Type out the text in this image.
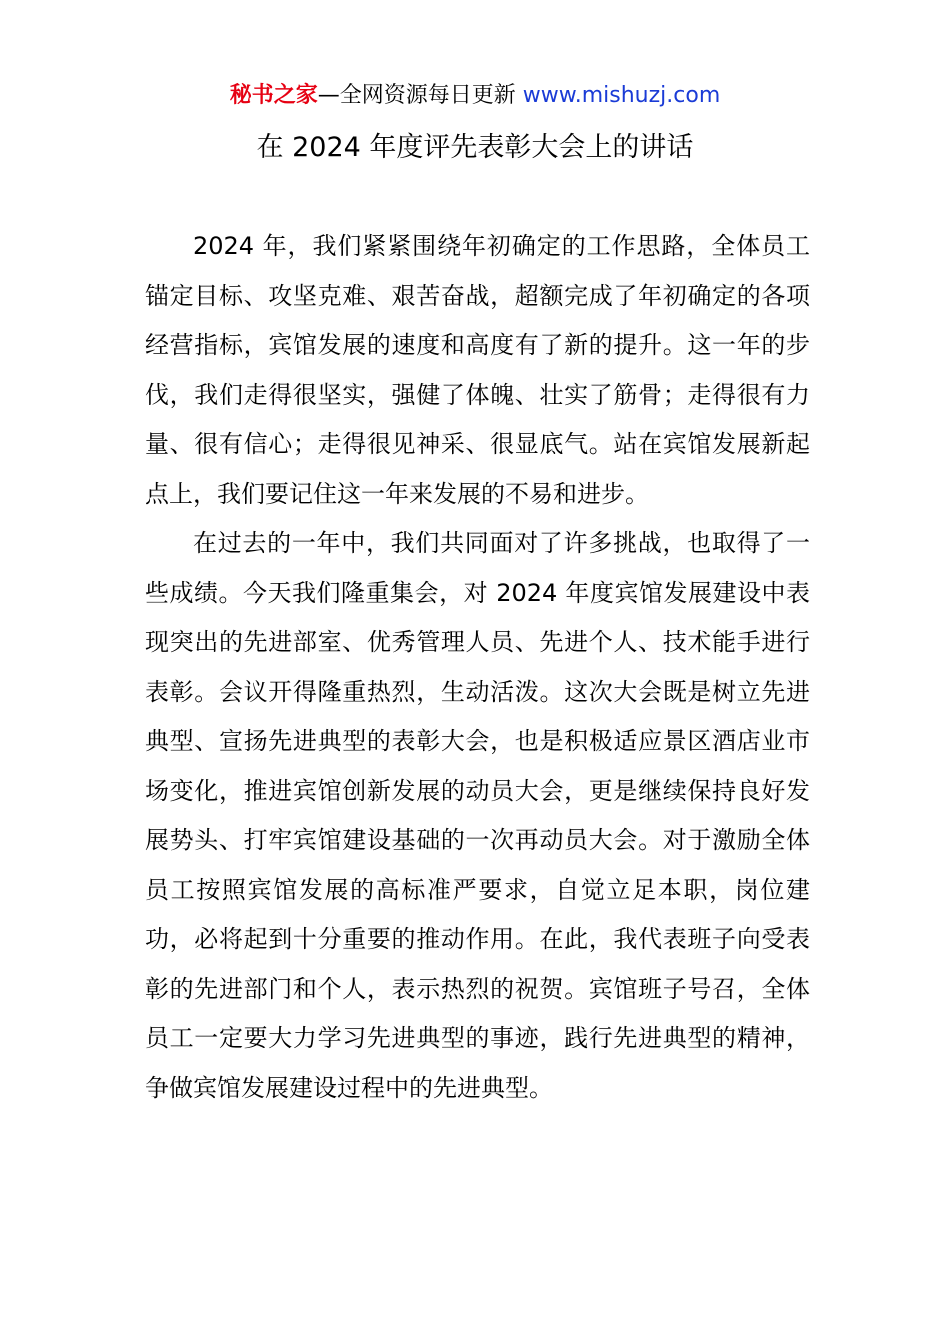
秘书之家—全网资源每日更新 www.mishuzj.com
在 2024 年度评先表彰大会上的讲话

2024 年，我们紧紧围绕年初确定的工作思路，全体员工锚定目标、攻坚克难、艰苦奋战，超额完成了年初确定的各项经营指标，宾馆发展的速度和高度有了新的提升。这一年的步伐，我们走得很坚实，强健了体魄、壮实了筋骨；走得很有力量、很有信心；走得很见神采、很显底气。站在宾馆发展新起点上，我们要记住这一年来发展的不易和进步。

在过去的一年中，我们共同面对了许多挑战，也取得了一些成绩。今天我们隆重集会，对 2024 年度宾馆发展建设中表现突出的先进部室、优秀管理人员、先进个人、技术能手进行表彰。会议开得隆重热烈，生动活泼。这次大会既是树立先进典型、宣扬先进典型的表彰大会，也是积极适应景区酒店业市场变化，推进宾馆创新发展的动员大会，更是继续保持良好发展势头、打牢宾馆建设基础的一次再动员大会。对于激励全体员工按照宾馆发展的高标准严要求，自觉立足本职，岗位建功，必将起到十分重要的推动作用。在此，我代表班子向受表彰的先进部门和个人，表示热烈的祝贺。宾馆班子号召，全体员工一定要大力学习先进典型的事迹，践行先进典型的精神，争做宾馆发展建设过程中的先进典型。
